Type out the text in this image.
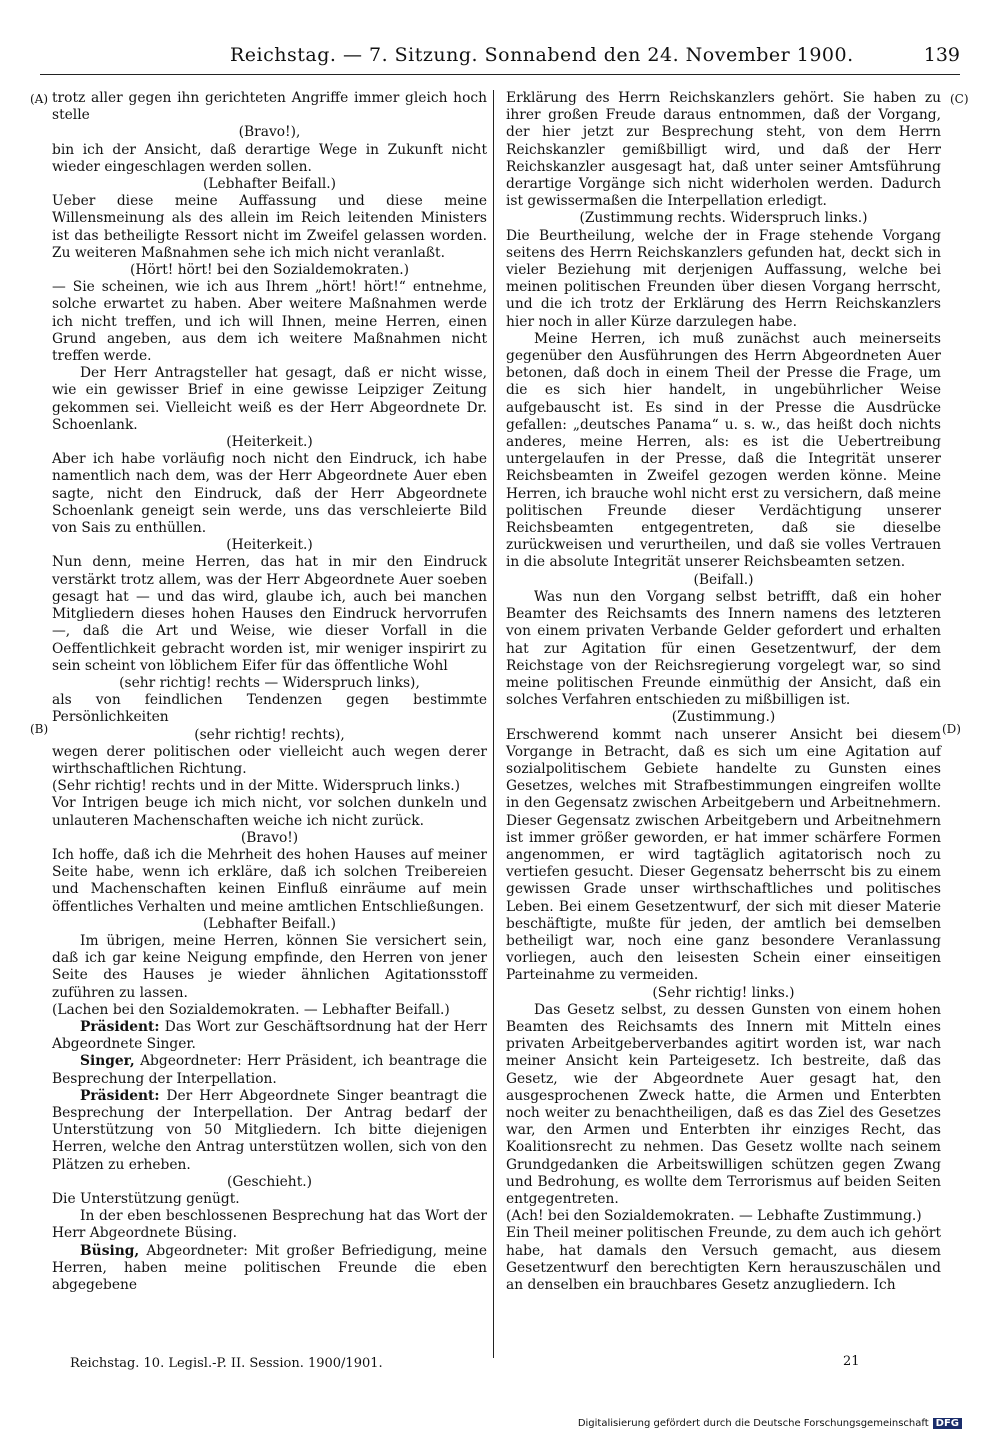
Reichstag. — 7. Sitzung. Sonnabend den 24. November 1900.	139
(A)
(B)
(C)
(D)

trotz aller gegen ihn gerichteten Angriffe immer gleich hoch stelle

(Bravo!),

bin ich der Ansicht, daß derartige Wege in Zukunft nicht wieder eingeschlagen werden sollen.

(Lebhafter Beifall.)

Ueber diese meine Auffassung und diese meine Willensmeinung als des allein im Reich leitenden Ministers ist das betheiligte Ressort nicht im Zweifel gelassen worden. Zu weiteren Maßnahmen sehe ich mich nicht veranlaßt.

(Hört! hört! bei den Sozialdemokraten.)

— Sie scheinen, wie ich aus Ihrem „hört! hört!“ entnehme, solche erwartet zu haben. Aber weitere Maßnahmen werde ich nicht treffen, und ich will Ihnen, meine Herren, einen Grund angeben, aus dem ich weitere Maßnahmen nicht treffen werde.

Der Herr Antragsteller hat gesagt, daß er nicht wisse, wie ein gewisser Brief in eine gewisse Leipziger Zeitung gekommen sei. Vielleicht weiß es der Herr Abgeordnete Dr. Schoenlank.

(Heiterkeit.)

Aber ich habe vorläufig noch nicht den Eindruck, ich habe namentlich nach dem, was der Herr Abgeordnete Auer eben sagte, nicht den Eindruck, daß der Herr Abgeordnete Schoenlank geneigt sein werde, uns das verschleierte Bild von Sais zu enthüllen.

(Heiterkeit.)

Nun denn, meine Herren, das hat in mir den Eindruck verstärkt trotz allem, was der Herr Abgeordnete Auer soeben gesagt hat — und das wird, glaube ich, auch bei manchen Mitgliedern dieses hohen Hauses den Eindruck hervorrufen —, daß die Art und Weise, wie dieser Vorfall in die Oeffentlichkeit gebracht worden ist, mir weniger inspirirt zu sein scheint von löblichem Eifer für das öffentliche Wohl

(sehr richtig! rechts — Widerspruch links),

als von feindlichen Tendenzen gegen bestimmte Persönlichkeiten

(sehr richtig! rechts),

wegen derer politischen oder vielleicht auch wegen derer wirthschaftlichen Richtung.

(Sehr richtig! rechts und in der Mitte. Widerspruch links.)

Vor Intrigen beuge ich mich nicht, vor solchen dunkeln und unlauteren Machenschaften weiche ich nicht zurück.

(Bravo!)

Ich hoffe, daß ich die Mehrheit des hohen Hauses auf meiner Seite habe, wenn ich erkläre, daß ich solchen Treibereien und Machenschaften keinen Einfluß einräume auf mein öffentliches Verhalten und meine amtlichen Entschließungen.

(Lebhafter Beifall.)

Im übrigen, meine Herren, können Sie versichert sein, daß ich gar keine Neigung empfinde, den Herren von jener Seite des Hauses je wieder ähnlichen Agitationsstoff zuführen zu lassen.

(Lachen bei den Sozialdemokraten. — Lebhafter Beifall.)

Präsident: Das Wort zur Geschäftsordnung hat der Herr Abgeordnete Singer.

Singer, Abgeordneter: Herr Präsident, ich beantrage die Besprechung der Interpellation.

Präsident: Der Herr Abgeordnete Singer beantragt die Besprechung der Interpellation. Der Antrag bedarf der Unterstützung von 50 Mitgliedern. Ich bitte diejenigen Herren, welche den Antrag unterstützen wollen, sich von den Plätzen zu erheben.

(Geschieht.)

Die Unterstützung genügt.

In der eben beschlossenen Besprechung hat das Wort der Herr Abgeordnete Büsing.

Büsing, Abgeordneter: Mit großer Befriedigung, meine Herren, haben meine politischen Freunde die eben abgegebene

Erklärung des Herrn Reichskanzlers gehört. Sie haben zu ihrer großen Freude daraus entnommen, daß der Vorgang, der hier jetzt zur Besprechung steht, von dem Herrn Reichskanzler gemißbilligt wird, und daß der Herr Reichskanzler ausgesagt hat, daß unter seiner Amtsführung derartige Vorgänge sich nicht widerholen werden. Dadurch ist gewissermaßen die Interpellation erledigt.

(Zustimmung rechts. Widerspruch links.)

Die Beurtheilung, welche der in Frage stehende Vorgang seitens des Herrn Reichskanzlers gefunden hat, deckt sich in vieler Beziehung mit derjenigen Auffassung, welche bei meinen politischen Freunden über diesen Vorgang herrscht, und die ich trotz der Erklärung des Herrn Reichskanzlers hier noch in aller Kürze darzulegen habe.

Meine Herren, ich muß zunächst auch meinerseits gegenüber den Ausführungen des Herrn Abgeordneten Auer betonen, daß doch in einem Theil der Presse die Frage, um die es sich hier handelt, in ungebührlicher Weise aufgebauscht ist. Es sind in der Presse die Ausdrücke gefallen: „deutsches Panama“ u. s. w., das heißt doch nichts anderes, meine Herren, als: es ist die Uebertreibung untergelaufen in der Presse, daß die Integrität unserer Reichsbeamten in Zweifel gezogen werden könne. Meine Herren, ich brauche wohl nicht erst zu versichern, daß meine politischen Freunde dieser Verdächtigung unserer Reichsbeamten entgegentreten, daß sie dieselbe zurückweisen und verurtheilen, und daß sie volles Vertrauen in die absolute Integrität unserer Reichsbeamten setzen.

(Beifall.)

Was nun den Vorgang selbst betrifft, daß ein hoher Beamter des Reichsamts des Innern namens des letzteren von einem privaten Verbande Gelder gefordert und erhalten hat zur Agitation für einen Gesetzentwurf, der dem Reichstage von der Reichsregierung vorgelegt war, so sind meine politischen Freunde einmüthig der Ansicht, daß ein solches Verfahren entschieden zu mißbilligen ist.

(Zustimmung.)

Erschwerend kommt nach unserer Ansicht bei diesem Vorgange in Betracht, daß es sich um eine Agitation auf sozialpolitischem Gebiete handelte zu Gunsten eines Gesetzes, welches mit Strafbestimmungen eingreifen wollte in den Gegensatz zwischen Arbeitgebern und Arbeitnehmern. Dieser Gegensatz zwischen Arbeitgebern und Arbeitnehmern ist immer größer geworden, er hat immer schärfere Formen angenommen, er wird tagtäglich agitatorisch noch zu vertiefen gesucht. Dieser Gegensatz beherrscht bis zu einem gewissen Grade unser wirthschaftliches und politisches Leben. Bei einem Gesetzentwurf, der sich mit dieser Materie beschäftigte, mußte für jeden, der amtlich bei demselben betheiligt war, noch eine ganz besondere Veranlassung vorliegen, auch den leisesten Schein einer einseitigen Parteinahme zu vermeiden.

(Sehr richtig! links.)

Das Gesetz selbst, zu dessen Gunsten von einem hohen Beamten des Reichsamts des Innern mit Mitteln eines privaten Arbeitgeberverbandes agitirt worden ist, war nach meiner Ansicht kein Parteigesetz. Ich bestreite, daß das Gesetz, wie der Abgeordnete Auer gesagt hat, den ausgesprochenen Zweck hatte, die Armen und Enterbten noch weiter zu benachtheiligen, daß es das Ziel des Gesetzes war, den Armen und Enterbten ihr einziges Recht, das Koalitionsrecht zu nehmen. Das Gesetz wollte nach seinem Grundgedanken die Arbeitswilligen schützen gegen Zwang und Bedrohung, es wollte dem Terrorismus auf beiden Seiten entgegentreten.

(Ach! bei den Sozialdemokraten. — Lebhafte Zustimmung.)

Ein Theil meiner politischen Freunde, zu dem auch ich gehört habe, hat damals den Versuch gemacht, aus diesem Gesetzentwurf den berechtigten Kern herauszuschälen und an denselben ein brauchbares Gesetz anzugliedern. Ich

Reichstag. 10. Legisl.-P. II. Session. 1900/1901.	21
Digitalisierung gefördert durch die Deutsche Forschungsgemeinschaft DFG
